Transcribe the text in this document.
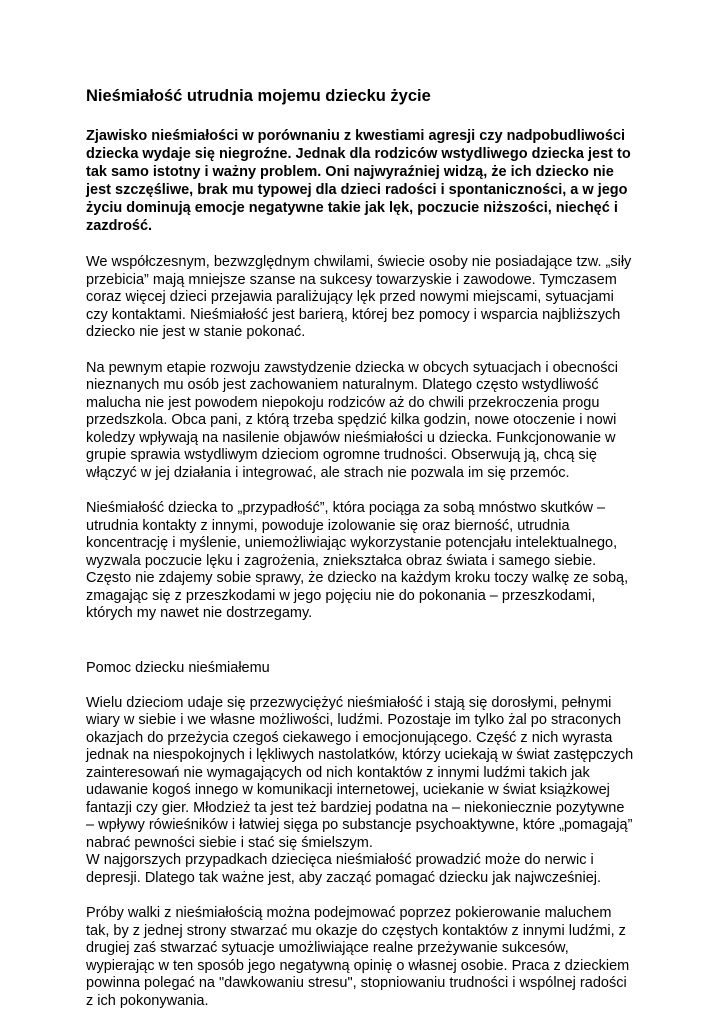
Nieśmiałość utrudnia mojemu dziecku życie
Zjawisko nieśmiałości w porównaniu z kwestiami agresji czy nadpobudliwości
dziecka wydaje się niegroźne. Jednak dla rodziców wstydliwego dziecka jest to
tak samo istotny i ważny problem. Oni najwyraźniej widzą, że ich dziecko nie
jest szczęśliwe, brak mu typowej dla dzieci radości i spontaniczności, a w jego
życiu dominują emocje negatywne takie jak lęk, poczucie niższości, niechęć i
zazdrość.
We współczesnym, bezwzględnym chwilami, świecie osoby nie posiadające tzw. „siły
przebicia” mają mniejsze szanse na sukcesy towarzyskie i zawodowe. Tymczasem
coraz więcej dzieci przejawia paraliżujący lęk przed nowymi miejscami, sytuacjami
czy kontaktami. Nieśmiałość jest barierą, której bez pomocy i wsparcia najbliższych
dziecko nie jest w stanie pokonać.
Na pewnym etapie rozwoju zawstydzenie dziecka w obcych sytuacjach i obecności
nieznanych mu osób jest zachowaniem naturalnym. Dlatego często wstydliwość
malucha nie jest powodem niepokoju rodziców aż do chwili przekroczenia progu
przedszkola. Obca pani, z którą trzeba spędzić kilka godzin, nowe otoczenie i nowi
koledzy wpływają na nasilenie objawów nieśmiałości u dziecka. Funkcjonowanie w
grupie sprawia wstydliwym dzieciom ogromne trudności. Obserwują ją, chcą się
włączyć w jej działania i integrować, ale strach nie pozwala im się przemóc.
Nieśmiałość dziecka to „przypadłość”, która pociąga za sobą mnóstwo skutków –
utrudnia kontakty z innymi, powoduje izolowanie się oraz bierność, utrudnia
koncentrację i myślenie, uniemożliwiając wykorzystanie potencjału intelektualnego,
wyzwala poczucie lęku i zagrożenia, zniekształca obraz świata i samego siebie.
Często nie zdajemy sobie sprawy, że dziecko na każdym kroku toczy walkę ze sobą,
zmagając się z przeszkodami w jego pojęciu nie do pokonania – przeszkodami,
których my nawet nie dostrzegamy.
Pomoc dziecku nieśmiałemu
Wielu dzieciom udaje się przezwyciężyć nieśmiałość i stają się dorosłymi, pełnymi
wiary w siebie i we własne możliwości, ludźmi. Pozostaje im tylko żal po straconych
okazjach do przeżycia czegoś ciekawego i emocjonującego. Część z nich wyrasta
jednak na niespokojnych i lękliwych nastolatków, którzy uciekają w świat zastępczych
zainteresowań nie wymagających od nich kontaktów z innymi ludźmi takich jak
udawanie kogoś innego w komunikacji internetowej, uciekanie w świat książkowej
fantazji czy gier. Młodzież ta jest też bardziej podatna na – niekoniecznie pozytywne
– wpływy rówieśników i łatwiej sięga po substancje psychoaktywne, które „pomagają”
nabrać pewności siebie i stać się śmielszym.
W najgorszych przypadkach dziecięca nieśmiałość prowadzić może do nerwic i
depresji. Dlatego tak ważne jest, aby zacząć pomagać dziecku jak najwcześniej.
Próby walki z nieśmiałością można podejmować poprzez pokierowanie maluchem
tak, by z jednej strony stwarzać mu okazje do częstych kontaktów z innymi ludźmi, z
drugiej zaś stwarzać sytuacje umożliwiające realne przeżywanie sukcesów,
wypierając w ten sposób jego negatywną opinię o własnej osobie. Praca z dzieckiem
powinna polegać na "dawkowaniu stresu", stopniowaniu trudności i wspólnej radości
z ich pokonywania.
